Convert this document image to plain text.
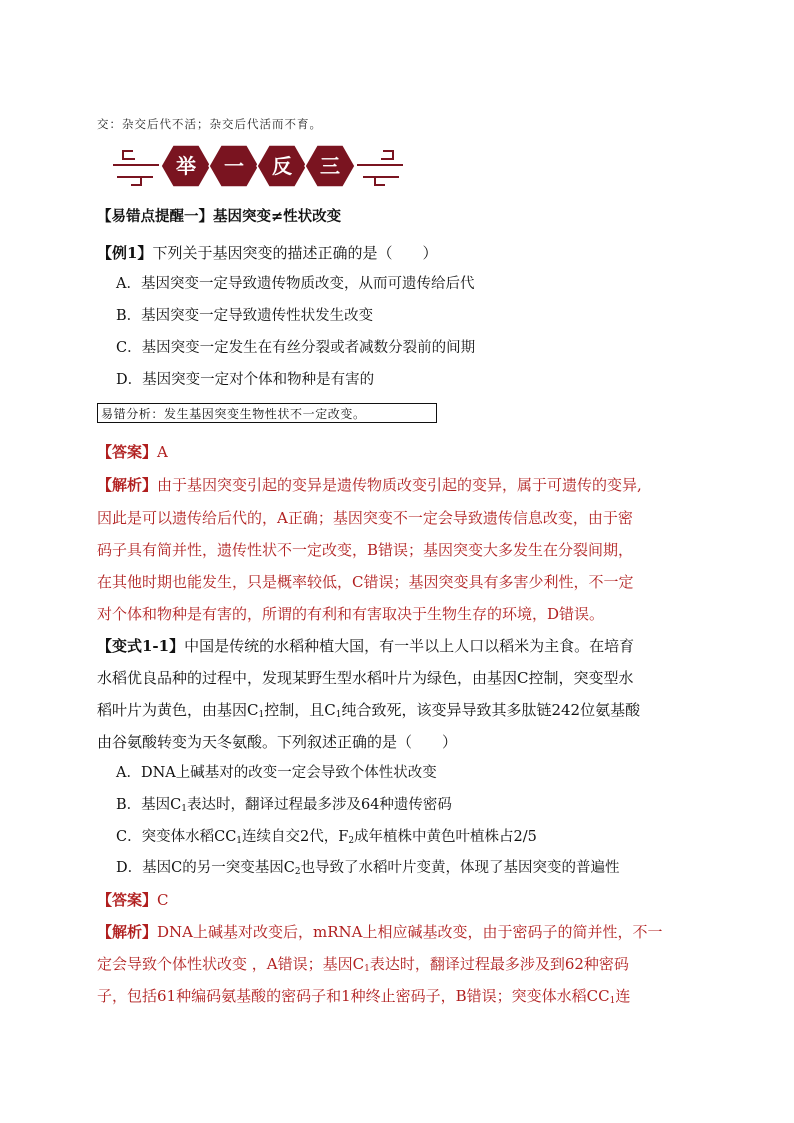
交：杂交后代不活；杂交后代活而不育。
举 一 反 三
【易错点提醒一】基因突变≠性状改变
【例1】下列关于基因突变的描述正确的是（　　）
A．基因突变一定导致遗传物质改变，从而可遗传给后代
B．基因突变一定导致遗传性状发生改变
C．基因突变一定发生在有丝分裂或者减数分裂前的间期
D．基因突变一定对个体和物种是有害的
易错分析：发生基因突变生物性状不一定改变。
【答案】A
【解析】由于基因突变引起的变异是遗传物质改变引起的变异，属于可遗传的变异,
因此是可以遗传给后代的，A正确；基因突变不一定会导致遗传信息改变，由于密
码子具有简并性，遗传性状不一定改变，B错误；基因突变大多发生在分裂间期，
在其他时期也能发生，只是概率较低，C错误；基因突变具有多害少利性，不一定
对个体和物种是有害的，所谓的有利和有害取决于生物生存的环境，D错误。
【变式1-1】中国是传统的水稻种植大国，有一半以上人口以稻米为主食。在培育
水稻优良品种的过程中，发现某野生型水稻叶片为绿色，由基因C控制，突变型水
稻叶片为黄色，由基因$C_1$控制，且$C_1$纯合致死，该变异导致其多肽链242位氨基酸
由谷氨酸转变为天冬氨酸。下列叙述正确的是（　　）
A．DNA上碱基对的改变一定会导致个体性状改变
B．基因$C_1$表达时，翻译过程最多涉及64种遗传密码
C．突变体水稻$CC_1$连续自交2代，$F_2$成年植株中黄色叶植株占2/5
D．基因C的另一突变基因$C_2$也导致了水稻叶片变黄，体现了基因突变的普遍性
【答案】C
【解析】DNA上碱基对改变后，mRNA上相应碱基改变，由于密码子的简并性，不一
定会导致个体性状改变 ，A错误；基因$C_1$表达时，翻译过程最多涉及到62种密码
子，包括61种编码氨基酸的密码子和1种终止密码子，B错误；突变体水稻$CC_1$连
